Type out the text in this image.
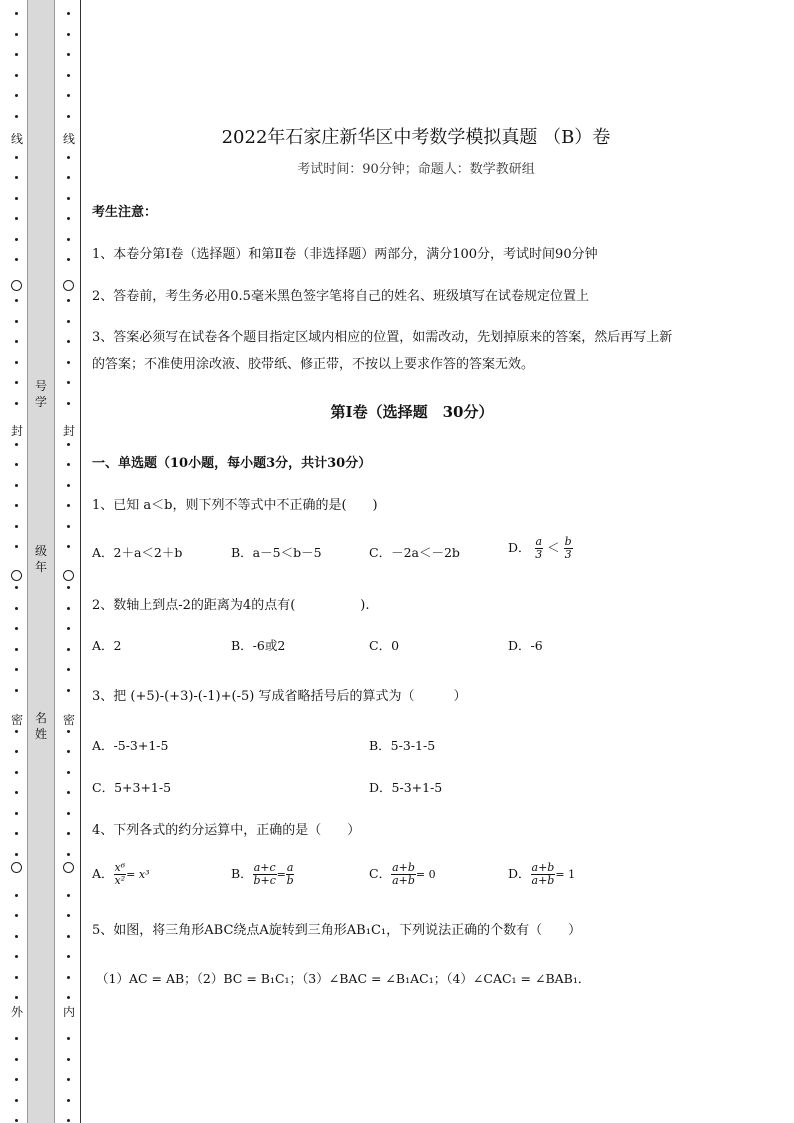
线
封
密
外
线
封
密
内
号
学
级
年
名
姓
2022年石家庄新华区中考数学模拟真题 （B）卷
考试时间：90分钟；命题人：数学教研组
考生注意：
1、本卷分第Ⅰ卷（选择题）和第Ⅱ卷（非选择题）两部分，满分100分，考试时间90分钟
2、答卷前，考生务必用0.5毫米黑色签字笔将自己的姓名、班级填写在试卷规定位置上
3、答案必须写在试卷各个题目指定区域内相应的位置，如需改动，先划掉原来的答案，然后再写上新
的答案；不准使用涂改液、胶带纸、修正带，不按以上要求作答的答案无效。
第Ⅰ卷（选择题　30分）
一、单选题（10小题，每小题3分，共计30分）
1、已知 a＜b，则下列不等式中不正确的是(　　)
A．2＋a＜2＋b	B．a－5＜b－5	C．－2a＜－2b	D． $\frac{a}{3} < \frac{b}{3}$
2、数轴上到点-2的距离为4的点有(　　　　　).
A．2	B．-6或2	C．0	D．-6
3、把 (+5)-(+3)-(-1)+(-5) 写成省略括号后的算式为（　　　）
A．-5-3+1-5	B．5-3-1-5
C．5+3+1-5	D．5-3+1-5
4、下列各式的约分运算中，正确的是（　　）
A． $\frac{\text{x⁶}}{\text{x²}} = x^3$	B． $\frac{a+c}{b+c} = \frac{a}{b}$	C． $\frac{a+b}{a+b} = 0$	D． $\frac{a+b}{a+b} = 1$
5、如图，将三角形ABC绕点A旋转到三角形AB₁C₁，下列说法正确的个数有（　　）
（1）AC = AB；（2）BC = B₁C₁；（3）∠BAC = ∠B₁AC₁；（4）∠CAC₁ = ∠BAB₁．
